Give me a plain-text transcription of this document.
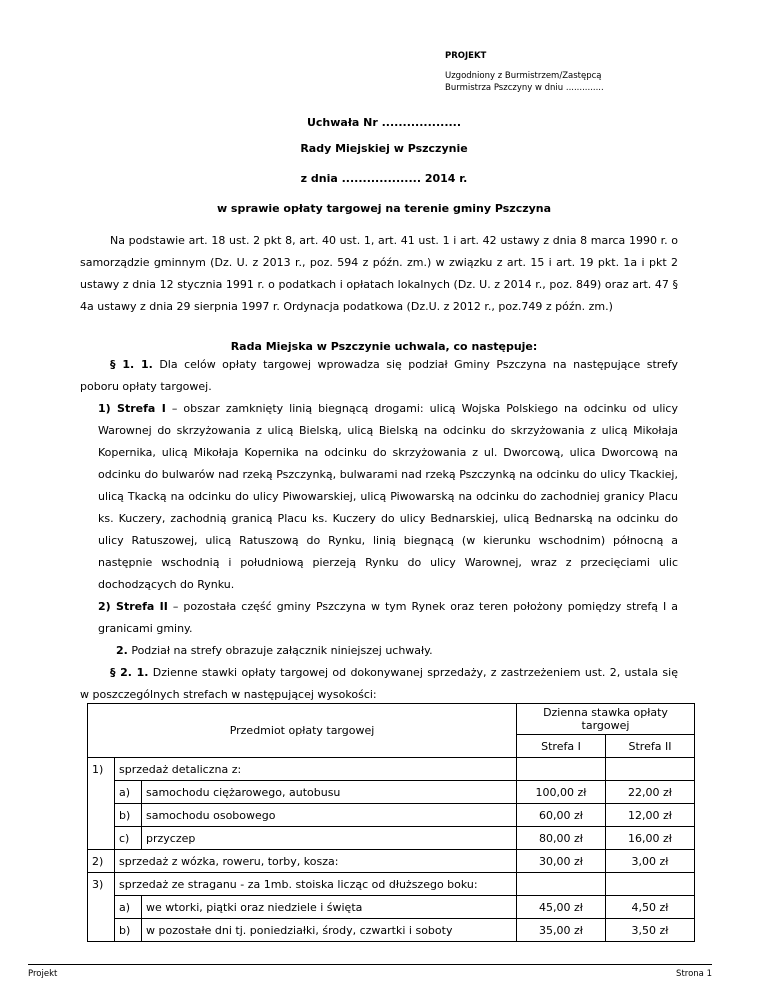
PROJEKT
Uzgodniony z Burmistrzem/Zastępcą
Burmistrza Pszczyny w dniu ..............
Uchwała Nr ...................
Rady Miejskiej w Pszczynie
z dnia ................... 2014 r.
w sprawie opłaty targowej na terenie gminy Pszczyna
Na podstawie art. 18 ust. 2 pkt 8, art. 40 ust. 1, art. 41 ust. 1 i art. 42 ustawy z dnia 8 marca 1990 r. o samorządzie gminnym (Dz. U. z 2013 r., poz. 594 z późn. zm.) w związku z art. 15 i art. 19 pkt. 1a i pkt 2 ustawy z dnia 12 stycznia 1991 r. o podatkach i opłatach lokalnych (Dz. U. z 2014 r., poz. 849) oraz art. 47 § 4a ustawy z dnia 29 sierpnia 1997 r. Ordynacja podatkowa (Dz.U. z 2012 r., poz.749 z późn. zm.)
Rada Miejska w Pszczynie uchwala, co następuje:
§ 1. 1. Dla celów opłaty targowej wprowadza się podział Gminy Pszczyna na następujące strefy poboru opłaty targowej.
1) Strefa I – obszar zamknięty linią biegnącą drogami: ulicą Wojska Polskiego na odcinku od ulicy Warownej do skrzyżowania z ulicą Bielską, ulicą Bielską na odcinku do skrzyżowania z ulicą Mikołaja Kopernika, ulicą Mikołaja Kopernika na odcinku do skrzyżowania z ul. Dworcową, ulica Dworcową na odcinku do bulwarów nad rzeką Pszczynką, bulwarami nad rzeką Pszczynką na odcinku do ulicy Tkackiej, ulicą Tkacką na odcinku do ulicy Piwowarskiej, ulicą Piwowarską na odcinku do zachodniej granicy Placu ks. Kuczery, zachodnią granicą Placu ks. Kuczery do ulicy Bednarskiej, ulicą Bednarską na odcinku do ulicy Ratuszowej, ulicą Ratuszową do Rynku, linią biegnącą (w kierunku wschodnim) północną a następnie wschodnią i południową pierzeją Rynku do ulicy Warownej, wraz z przecięciami ulic dochodzących do Rynku.
2) Strefa II – pozostała część gminy Pszczyna w tym Rynek oraz teren położony pomiędzy strefą I a granicami gminy.
2. Podział na strefy obrazuje załącznik niniejszej uchwały.
§ 2. 1. Dzienne stawki opłaty targowej od dokonywanej sprzedaży, z zastrzeżeniem ust. 2, ustala się w poszczególnych strefach w następującej wysokości:
Przedmiot opłaty targowej			Dzienna stawka opłaty targowej	
			Strefa I	Strefa II
1)	sprzedaż detaliczna z:			
	a)	samochodu ciężarowego, autobusu	100,00 zł	22,00 zł
	b)	samochodu osobowego	60,00 zł	12,00 zł
	c)	przyczep	80,00 zł	16,00 zł
2)	sprzedaż z wózka, roweru, torby, kosza:		30,00 zł	3,00 zł
3)	sprzedaż ze straganu - za 1mb. stoiska licząc od dłuższego boku:			
	a)	we wtorki, piątki oraz niedziele i święta	45,00 zł	4,50 zł
	b)	w pozostałe dni tj. poniedziałki, środy, czwartki i soboty	35,00 zł	3,50 zł
Projekt	Strona 1
